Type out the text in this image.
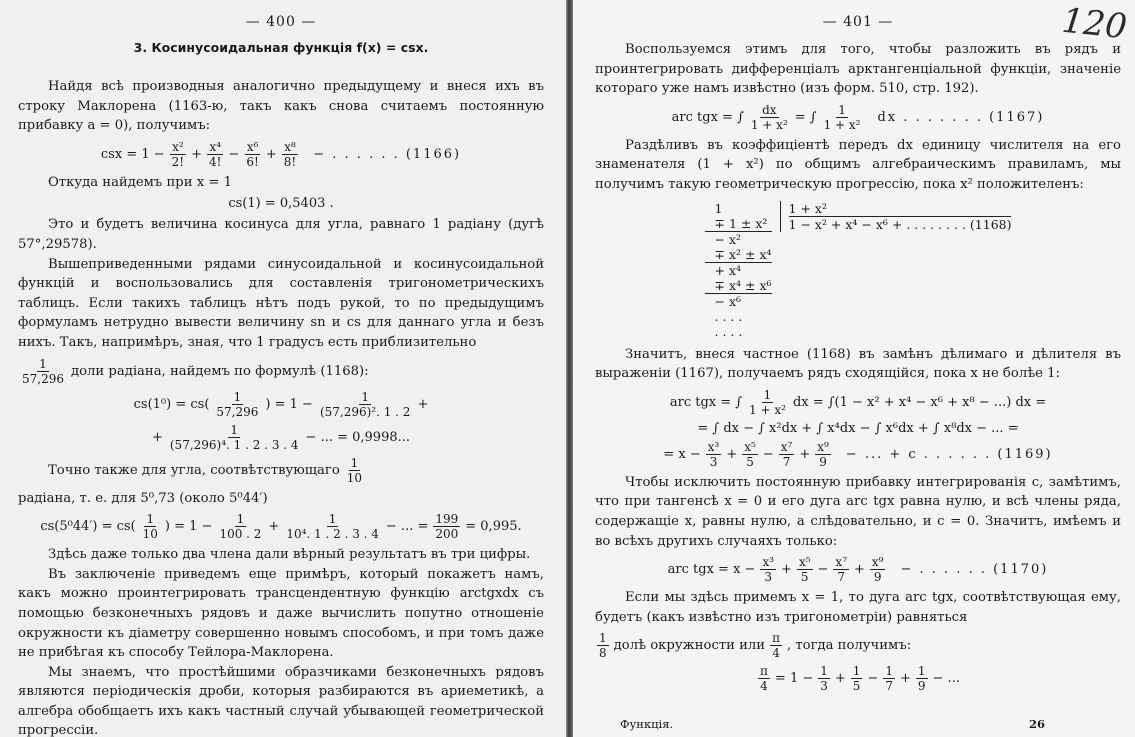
— 400 —
3. Косинусоидальная функція f(x) = csx.

Найдя всѣ производныя аналогично предыдущему и внеся ихъ въ строку Маклорена (1163-ю, такъ какъ снова считаемъ постоянную прибавку a = 0), получимъ:

csx = $1 - \frac{\text{x²}}{2!} + \frac{\text{x⁴}}{4!} - \frac{\text{x⁶}}{6!} + \frac{\text{x⁸}}{8!}$ − . . . . . . (1166)

Откуда найдемъ при x = 1

cs(1) = 0,5403 .

Это и будетъ величина косинуса для угла, равнаго 1 радіану (дугѣ 57°,29578).

Вышеприведенными рядами синусоидальной и косинусоидальной функцій и воспользовались для составленія тригонометрическихъ таблицъ. Если такихъ таблицъ нѣтъ подъ рукой, то по предыдущимъ формуламъ нетрудно вывести величину sn и cs для даннаго угла и безъ нихъ. Такъ, напримѣръ, зная, что 1 градусъ есть приблизительно

$\frac{1}{57,296}$ доли радіана, найдемъ по формулѣ (1168):
$cs(1^0) = cs( \frac{1}{57,296}$ ) = $1 - \frac{1}{\text{(57,296)². 1 . 2}}$ +
+ $\frac{1}{\text{(57,296)⁴. 1 . 2 . 3 . 4}}$ − ... = 0,9998...
Точно также для угла, соотвѣтствующаго $\frac{1}{10}$

радіана, т. е. для 5⁰,73 (около 5⁰44′)

$cs(5^044') = cs( \frac{1}{10}$ ) = $1 - \frac{1}{100 . 2} + \frac{1}{\text{10⁴. 1 . 2 . 3 . 4}}$ − ... = $\frac{199}{200} = 0,995$.

Здѣсь даже только два члена дали вѣрный результатъ въ три цифры.

Въ заключеніе приведемъ еще примѣръ, который покажетъ намъ, какъ можно проинтегрировать трансцендентную функцію arctgxdx съ помощью безконечныхъ рядовъ и даже вычислить попутно отношеніе окружности къ діаметру совершенно новымъ способомъ, и при томъ даже не прибѣгая къ способу Тейлора-Маклорена.

Мы знаемъ, что простѣйшими образчиками безконечныхъ рядовъ являются періодическія дроби, которыя разбираются въ ариеметикѣ, а алгебра обобщаетъ ихъ какъ частный случай убывающей геометрической прогрессіи.

120
— 401 —

Воспользуемся этимъ для того, чтобы разложить въ рядъ и проинтегрировать дифференціалъ арктангенціальной функціи, значеніе котораго уже намъ извѣстно (изъ форм. 510, стр. 192).

arc tgx = ∫ $\frac{dx}{\text{1 + x²}}$ = ∫ $\frac{1}{\text{1 + x²}}$ dx . . . . . . . (1167)

Раздѣливъ въ коэффиціентѣ передъ dx единицу числителя на его знаменателя (1 + x²) по общимъ алгебраическимъ правиламъ, мы получимъ такую геометрическую прогрессію, пока x² положителенъ:

1
∓ 1 ± x²
− x²
∓ x² ± x⁴
+ x⁴
∓ x⁴ ± x⁶
− x⁶
. . . .
. . . .
1 + x²
1 − x² + x⁴ − x⁶ + . . . . . . . . (1168)

Значитъ, внеся частное (1168) въ замѣнъ дѣлимаго и дѣлителя въ выраженіи (1167), получаемъ рядъ сходящійся, пока x не болѣе 1:

arc tgx = ∫ $\frac{1}{\text{1 + x²}}$ dx = ∫(1 − x² + x⁴ − x⁶ + x⁸ − ...) dx =
= ∫ dx − ∫ x²dx + ∫ x⁴dx − ∫ x⁶dx + ∫ x⁸dx − ... =
= $x - \frac{\text{x³}}{3} + \frac{\text{x⁵}}{5} - \frac{\text{x⁷}}{7} + \frac{\text{x⁹}}{9}$ − ... + c . . . . . . (1169)

Чтобы исключить постоянную прибавку интегрированія c, замѣтимъ, что при тангенсѣ x = 0 и его дуга arc tgx равна нулю, и всѣ члены ряда, содержащіе x, равны нулю, а слѣдовательно, и c = 0. Значитъ, имѣемъ и во всѣхъ другихъ случаяхъ только:

arc tgx = $x - \frac{\text{x³}}{3} + \frac{\text{x⁵}}{5} - \frac{\text{x⁷}}{7} + \frac{\text{x⁹}}{9}$ − . . . . . . (1170)

Если мы здѣсь примемъ x = 1, то дуга arc tgx, соотвѣтствующая ему, будетъ (какъ извѣстно изъ тригонометріи) равняться

$\frac{1}{8}$ долѣ окружности или $\frac{\pi}{4}$ , тогда получимъ:
$\frac{\pi}{4} = 1 - \frac{1}{3} + \frac{1}{5} - \frac{1}{7} + \frac{1}{9}$ − ...
Функція.	26
